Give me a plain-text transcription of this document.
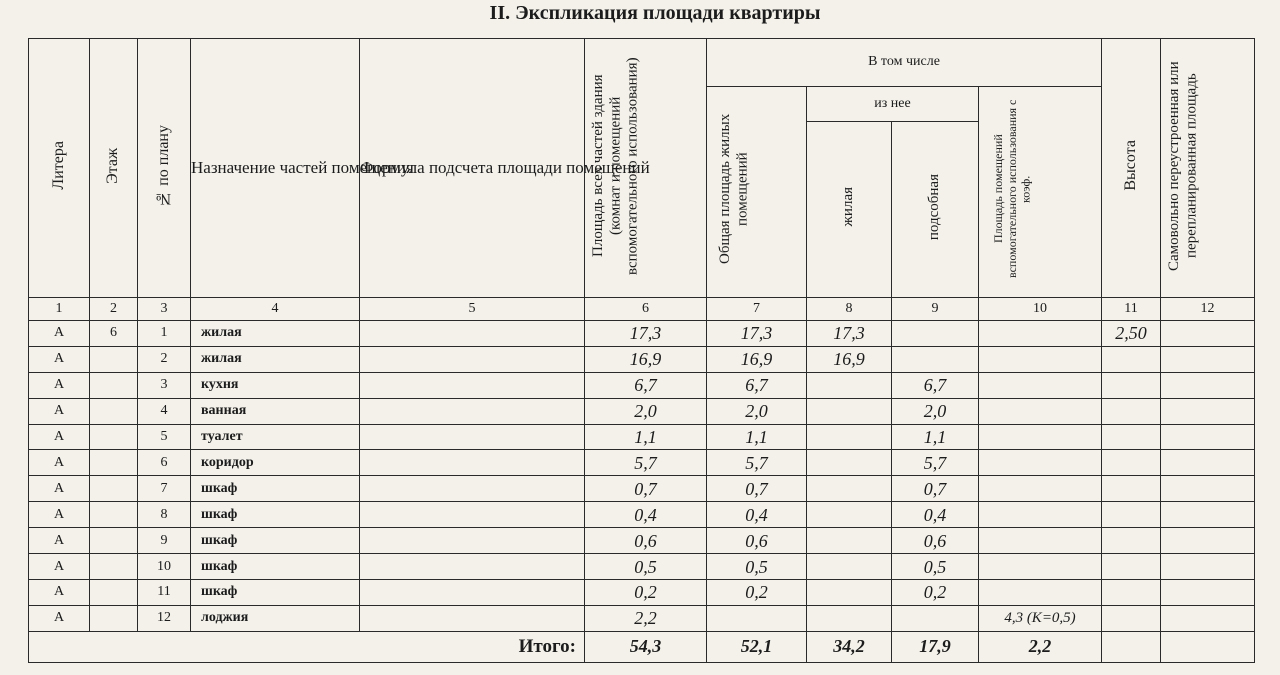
II. Экспликация площади квартиры
Литера	Этаж	№ по плану	Назначение частей помещения	Формула подсчета площади помещений	Площадь всех частей здания (комнат и помещений вспомогательного использования)	В том числе				Высота	Самовольно переустроенная или перепланированная площадь
						Общая площадь жилых помещений	из нее		Площадь помещений вспомогательного использования с коэф.		
							жилая	подсобная			
1	2	3	4	5	6	7	8	9	10	11	12
А	6	1	жилая		17,3	17,3	17,3			2,50	
А		2	жилая		16,9	16,9	16,9				
А		3	кухня		6,7	6,7		6,7			
А		4	ванная		2,0	2,0		2,0			
А		5	туалет		1,1	1,1		1,1			
А		6	коридор		5,7	5,7		5,7			
А		7	шкаф		0,7	0,7		0,7			
А		8	шкаф		0,4	0,4		0,4			
А		9	шкаф		0,6	0,6		0,6			
А		10	шкаф		0,5	0,5		0,5			
А		11	шкаф		0,2	0,2		0,2			
А		12	лоджия		2,2				4,3 (K=0,5)		
Итого:					54,3	52,1	34,2	17,9	2,2		
